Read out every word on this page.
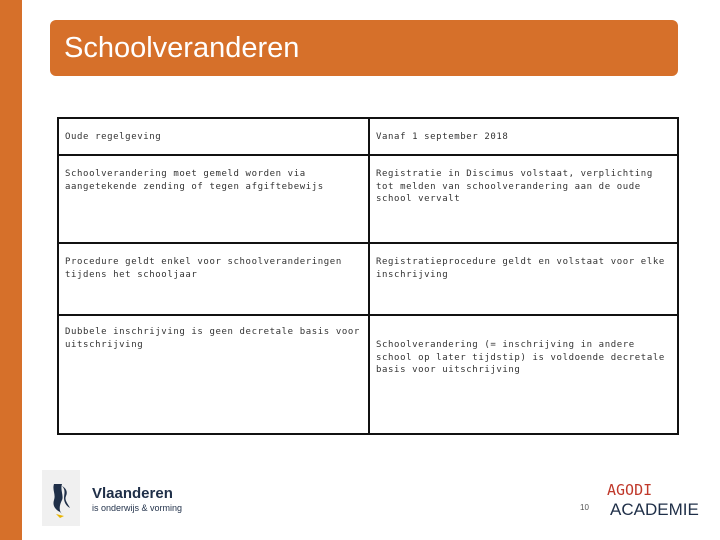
Schoolveranderen
Oude regelgeving	Vanaf 1 september 2018
Schoolverandering moet gemeld worden via aangetekende zending of tegen afgiftebewijs	Registratie in Discimus volstaat, verplichting tot melden van schoolverandering aan de oude school vervalt
Procedure geldt enkel voor schoolveranderingen tijdens het schooljaar	Registratieprocedure geldt en volstaat voor elke inschrijving
Dubbele inschrijving is geen decretale basis voor uitschrijving	Schoolverandering (= inschrijving in andere school op later tijdstip) is voldoende decretale basis voor uitschrijving
Vlaanderen
is onderwijs & vorming	10
AGODI
ACADEMIE
